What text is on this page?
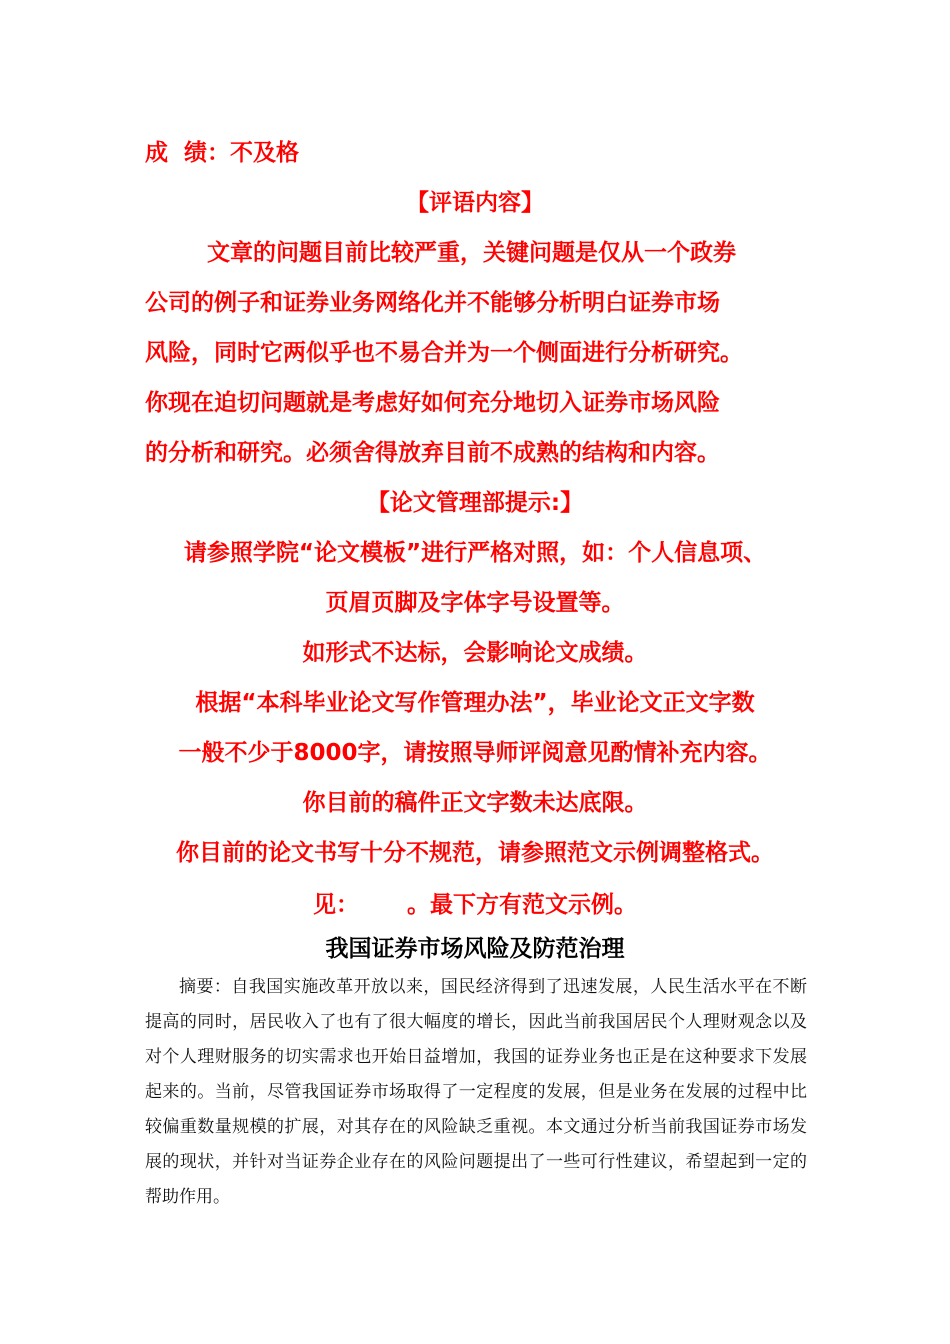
成  绩：不及格
【评语内容】
文章的问题目前比较严重，关键问题是仅从一个政券
公司的例子和证券业务网络化并不能够分析明白证券市场
风险，同时它两似乎也不易合并为一个侧面进行分析研究。
你现在迫切问题就是考虑好如何充分地切入证券市场风险
的分析和研究。必须舍得放弃目前不成熟的结构和内容。
【论文管理部提示:】
请参照学院“论文模板”进行严格对照，如：个人信息项、
页眉页脚及字体字号设置等。
如形式不达标，会影响论文成绩。
根据“本科毕业论文写作管理办法”，毕业论文正文字数
一般不少于8000字，请按照导师评阅意见酌情补充内容。
你目前的稿件正文字数未达底限。
你目前的论文书写十分不规范，请参照范文示例调整格式。
见：      。最下方有范文示例。
我国证券市场风险及防范治理
摘要：自我国实施改革开放以来，国民经济得到了迅速发展，人民生活水平在不断提高的同时，居民收入了也有了很大幅度的增长，因此当前我国居民个人理财观念以及对个人理财服务的切实需求也开始日益增加，我国的证券业务也正是在这种要求下发展起来的。当前，尽管我国证券市场取得了一定程度的发展，但是业务在发展的过程中比较偏重数量规模的扩展，对其存在的风险缺乏重视。本文通过分析当前我国证券市场发展的现状，并针对当证券企业存在的风险问题提出了一些可行性建议，希望起到一定的帮助作用。
